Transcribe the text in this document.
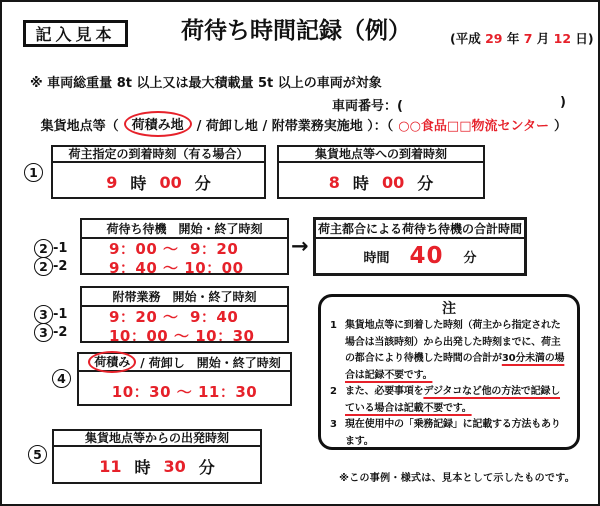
記入見本	荷待ち時間記録（例）	(平成 29 年 7 月 12 日)
※ 車両総重量 8t 以上又は最大積載量 5t 以上の車両が対象
車両番号：(	)
集貨地点等（	荷積み地	/ 荷卸し地 / 附帯業務実施地 ）：（ ○○食品□□物流センター ）
1
荷主指定の到着時刻（有る場合）
9 時 00 分
集貨地点等への到着時刻
8 時 00 分
2 -1
2 -2
荷待ち待機　開始・終了時刻
9：00 ～  9：20
9：40 ～ 10：00
→
荷主都合による荷待ち待機の合計時間
時間 40 分
3 -1
3 -2
附帯業務　開始・終了時刻
9：20 ～  9：40
10：00 ～ 10：30
注
1 集貨地点等に到着した時刻（荷主から指定された場合は当該時刻）から出発した時刻までに、荷主の都合により待機した時間の合計が30分未満の場合は記録不要です。
2 また、必要事項をデジタコなど他の方法で記録している場合は記載不要です。
3 現在使用中の「乗務記録」に記載する方法もあります。
4
荷積み / 荷卸し　開始・終了時刻
10：30 ～ 11：30
5
集貨地点等からの出発時刻
11 時 30 分
※この事例・様式は、見本として示したものです。
